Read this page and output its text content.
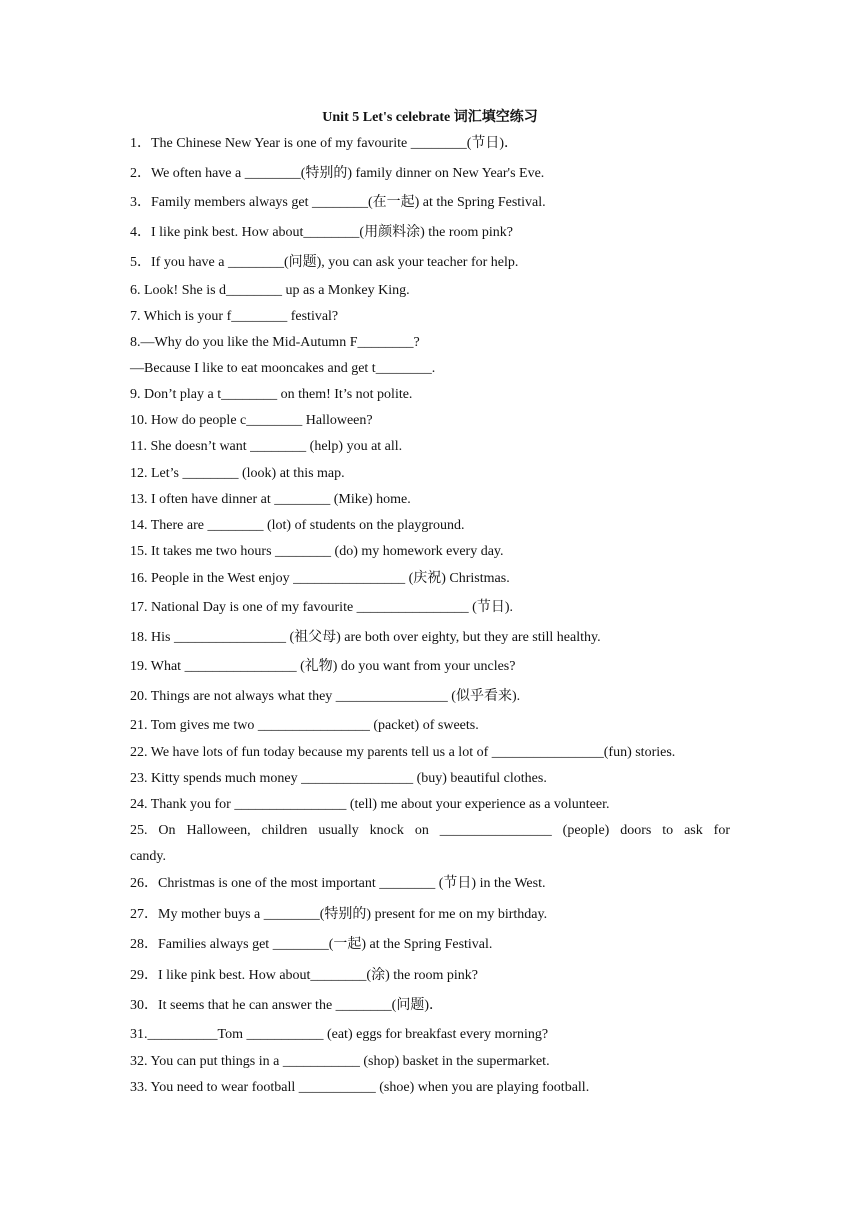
Unit 5 Let's celebrate 词汇填空练习
1．The Chinese New Year is one of my favourite ________(节日)．
2．We often have a ________(特别的) family dinner on New Year's Eve.
3．Family members always get ________(在一起) at the Spring Festival.
4．I like pink best. How about________(用颜料涂) the room pink?
5．If you have a ________(问题), you can ask your teacher for help.
6. Look! She is d________ up as a Monkey King.
7. Which is your f________ festival?
8.—Why do you like the Mid-Autumn F________?
—Because I like to eat mooncakes and get t________.
9. Don’t play a t________ on them! It’s not polite.
10. How do people c________ Halloween?
11. She doesn’t want ________ (help) you at all.
12. Let’s ________ (look) at this map.
13. I often have dinner at ________ (Mike) home.
14. There are ________ (lot) of students on the playground.
15. It takes me two hours ________ (do) my homework every day.
16. People in the West enjoy ________________ (庆祝) Christmas.
17. National Day is one of my favourite ________________ (节日).
18. His ________________ (祖父母) are both over eighty, but they are still healthy.
19. What ________________ (礼物) do you want from your uncles?
20. Things are not always what they ________________ (似乎看来).
21. Tom gives me two ________________ (packet) of sweets.
22. We have lots of fun today because my parents tell us a lot of ________________(fun) stories.
23. Kitty spends much money ________________ (buy) beautiful clothes.
24. Thank you for ________________ (tell) me about your experience as a volunteer.
25. On Halloween, children usually knock on ________________ (people) doors to ask for
candy.
26．Christmas is one of the most important ________ (节日) in the West.
27．My mother buys a ________(特别的) present for me on my birthday.
28．Families always get ________(一起) at the Spring Festival.
29．I like pink best. How about________(涂) the room pink?
30．It seems that he can answer the ________(问题)．
31.__________Tom ___________ (eat) eggs for breakfast every morning?
32. You can put things in a ___________ (shop) basket in the supermarket.
33. You need to wear football ___________ (shoe) when you are playing football.
